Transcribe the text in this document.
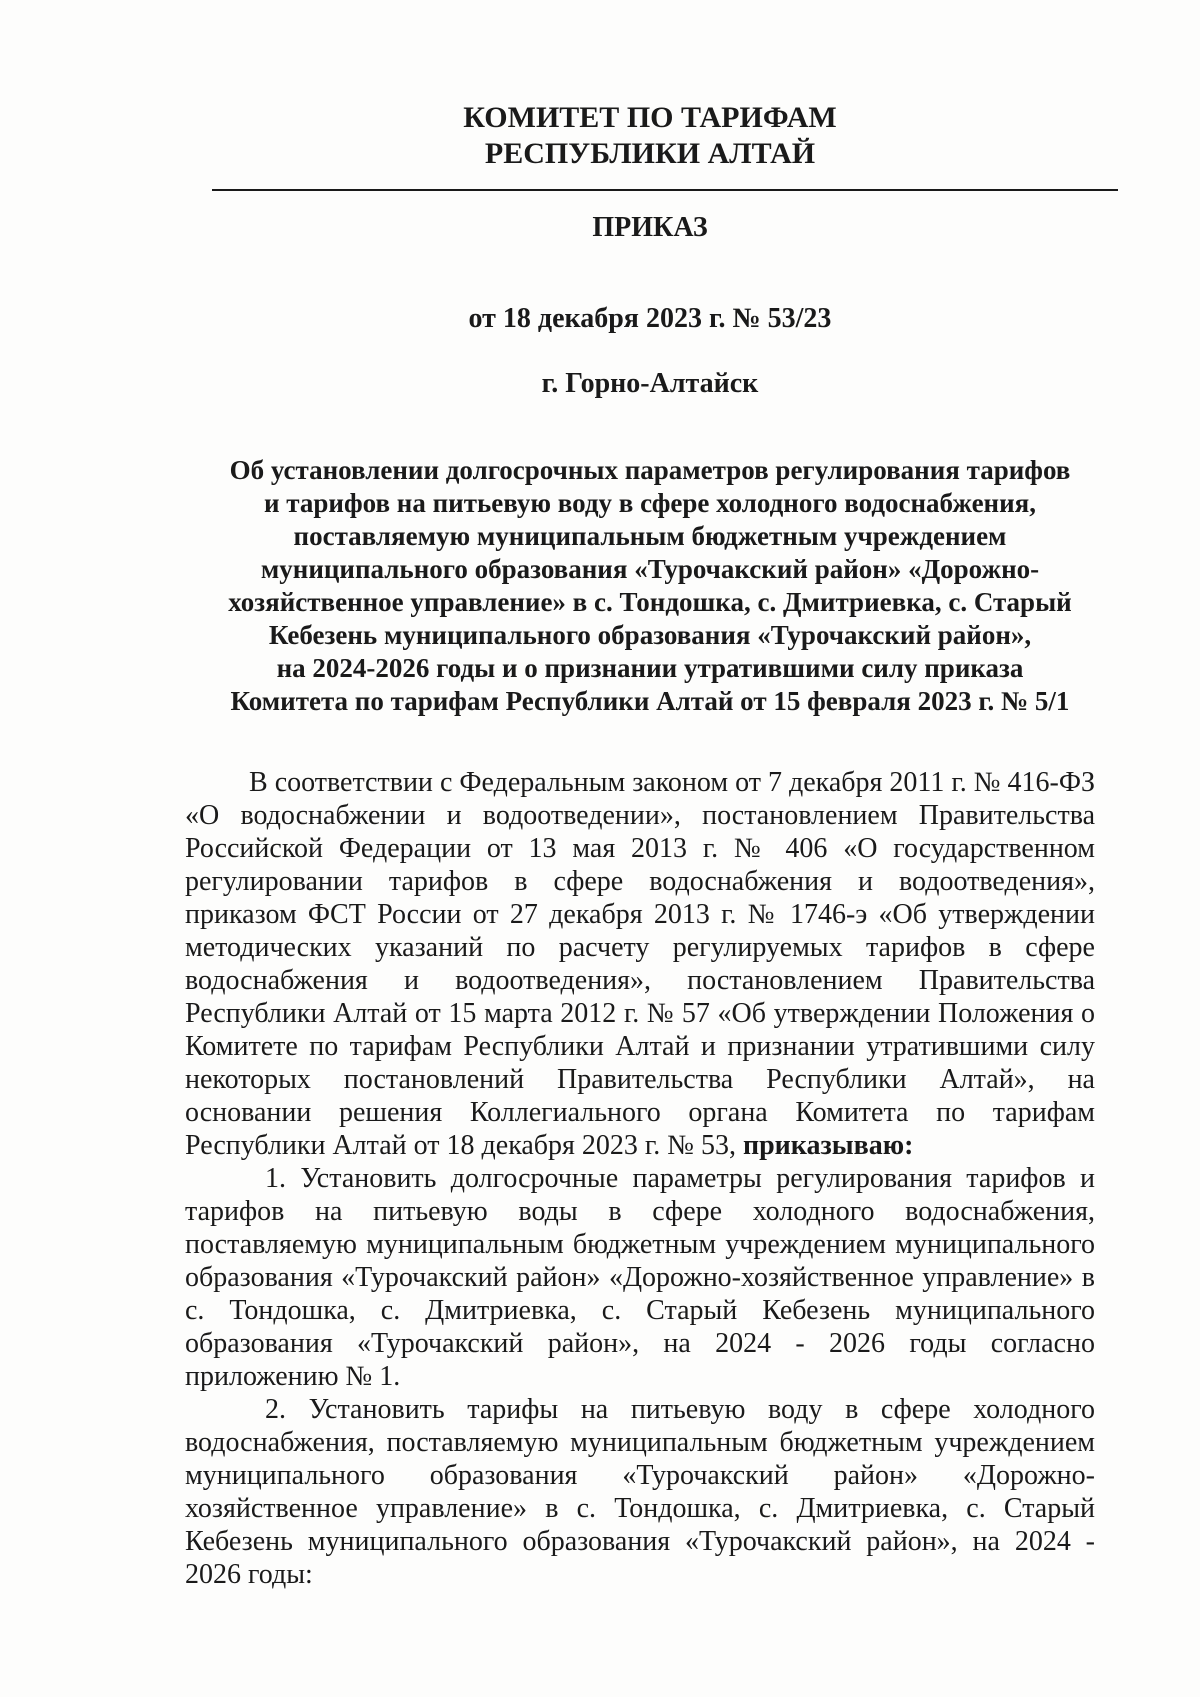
КОМИТЕТ ПО ТАРИФАМ
РЕСПУБЛИКИ АЛТАЙ
ПРИКАЗ
от 18 декабря 2023 г. № 53/23
г. Горно-Алтайск
Об установлении долгосрочных параметров регулирования тарифов
и тарифов на питьевую воду в сфере холодного водоснабжения,
поставляемую муниципальным бюджетным учреждением
муниципального образования «Турочакский район» «Дорожно-
хозяйственное управление» в с. Тондошка, с. Дмитриевка, с. Старый
Кебезень муниципального образования «Турочакский район»,
на 2024-2026 годы и о признании утратившими силу приказа
Комитета по тарифам Республики Алтай от 15 февраля 2023 г. № 5/1

В соответствии с Федеральным законом от 7 декабря 2011 г. № 416-ФЗ «О водоснабжении и водоотведении», постановлением Правительства Российской Федерации от 13 мая 2013 г. № 406 «О государственном регулировании тарифов в сфере водоснабжения и водоотведения», приказом ФСТ России от 27 декабря 2013 г. № 1746-э «Об утверждении методических указаний по расчету регулируемых тарифов в сфере водоснабжения и водоотведения», постановлением Правительства Республики Алтай от 15 марта 2012 г. № 57 «Об утверждении Положения о Комитете по тарифам Республики Алтай и признании утратившими силу некоторых постановлений Правительства Республики Алтай», на основании решения Коллегиального органа Комитета по тарифам Республики Алтай от 18 декабря 2023 г. № 53, приказываю:

1. Установить долгосрочные параметры регулирования тарифов и тарифов на питьевую воды в сфере холодного водоснабжения, поставляемую муниципальным бюджетным учреждением муниципального образования «Турочакский район» «Дорожно-хозяйственное управление» в с. Тондошка, с. Дмитриевка, с. Старый Кебезень муниципального образования «Турочакский район», на 2024 - 2026 годы согласно приложению № 1.

2. Установить тарифы на питьевую воду в сфере холодного водоснабжения, поставляемую муниципальным бюджетным учреждением муниципального образования «Турочакский район» «Дорожно-хозяйственное управление» в с. Тондошка, с. Дмитриевка, с. Старый Кебезень муниципального образования «Турочакский район», на 2024 - 2026 годы:
